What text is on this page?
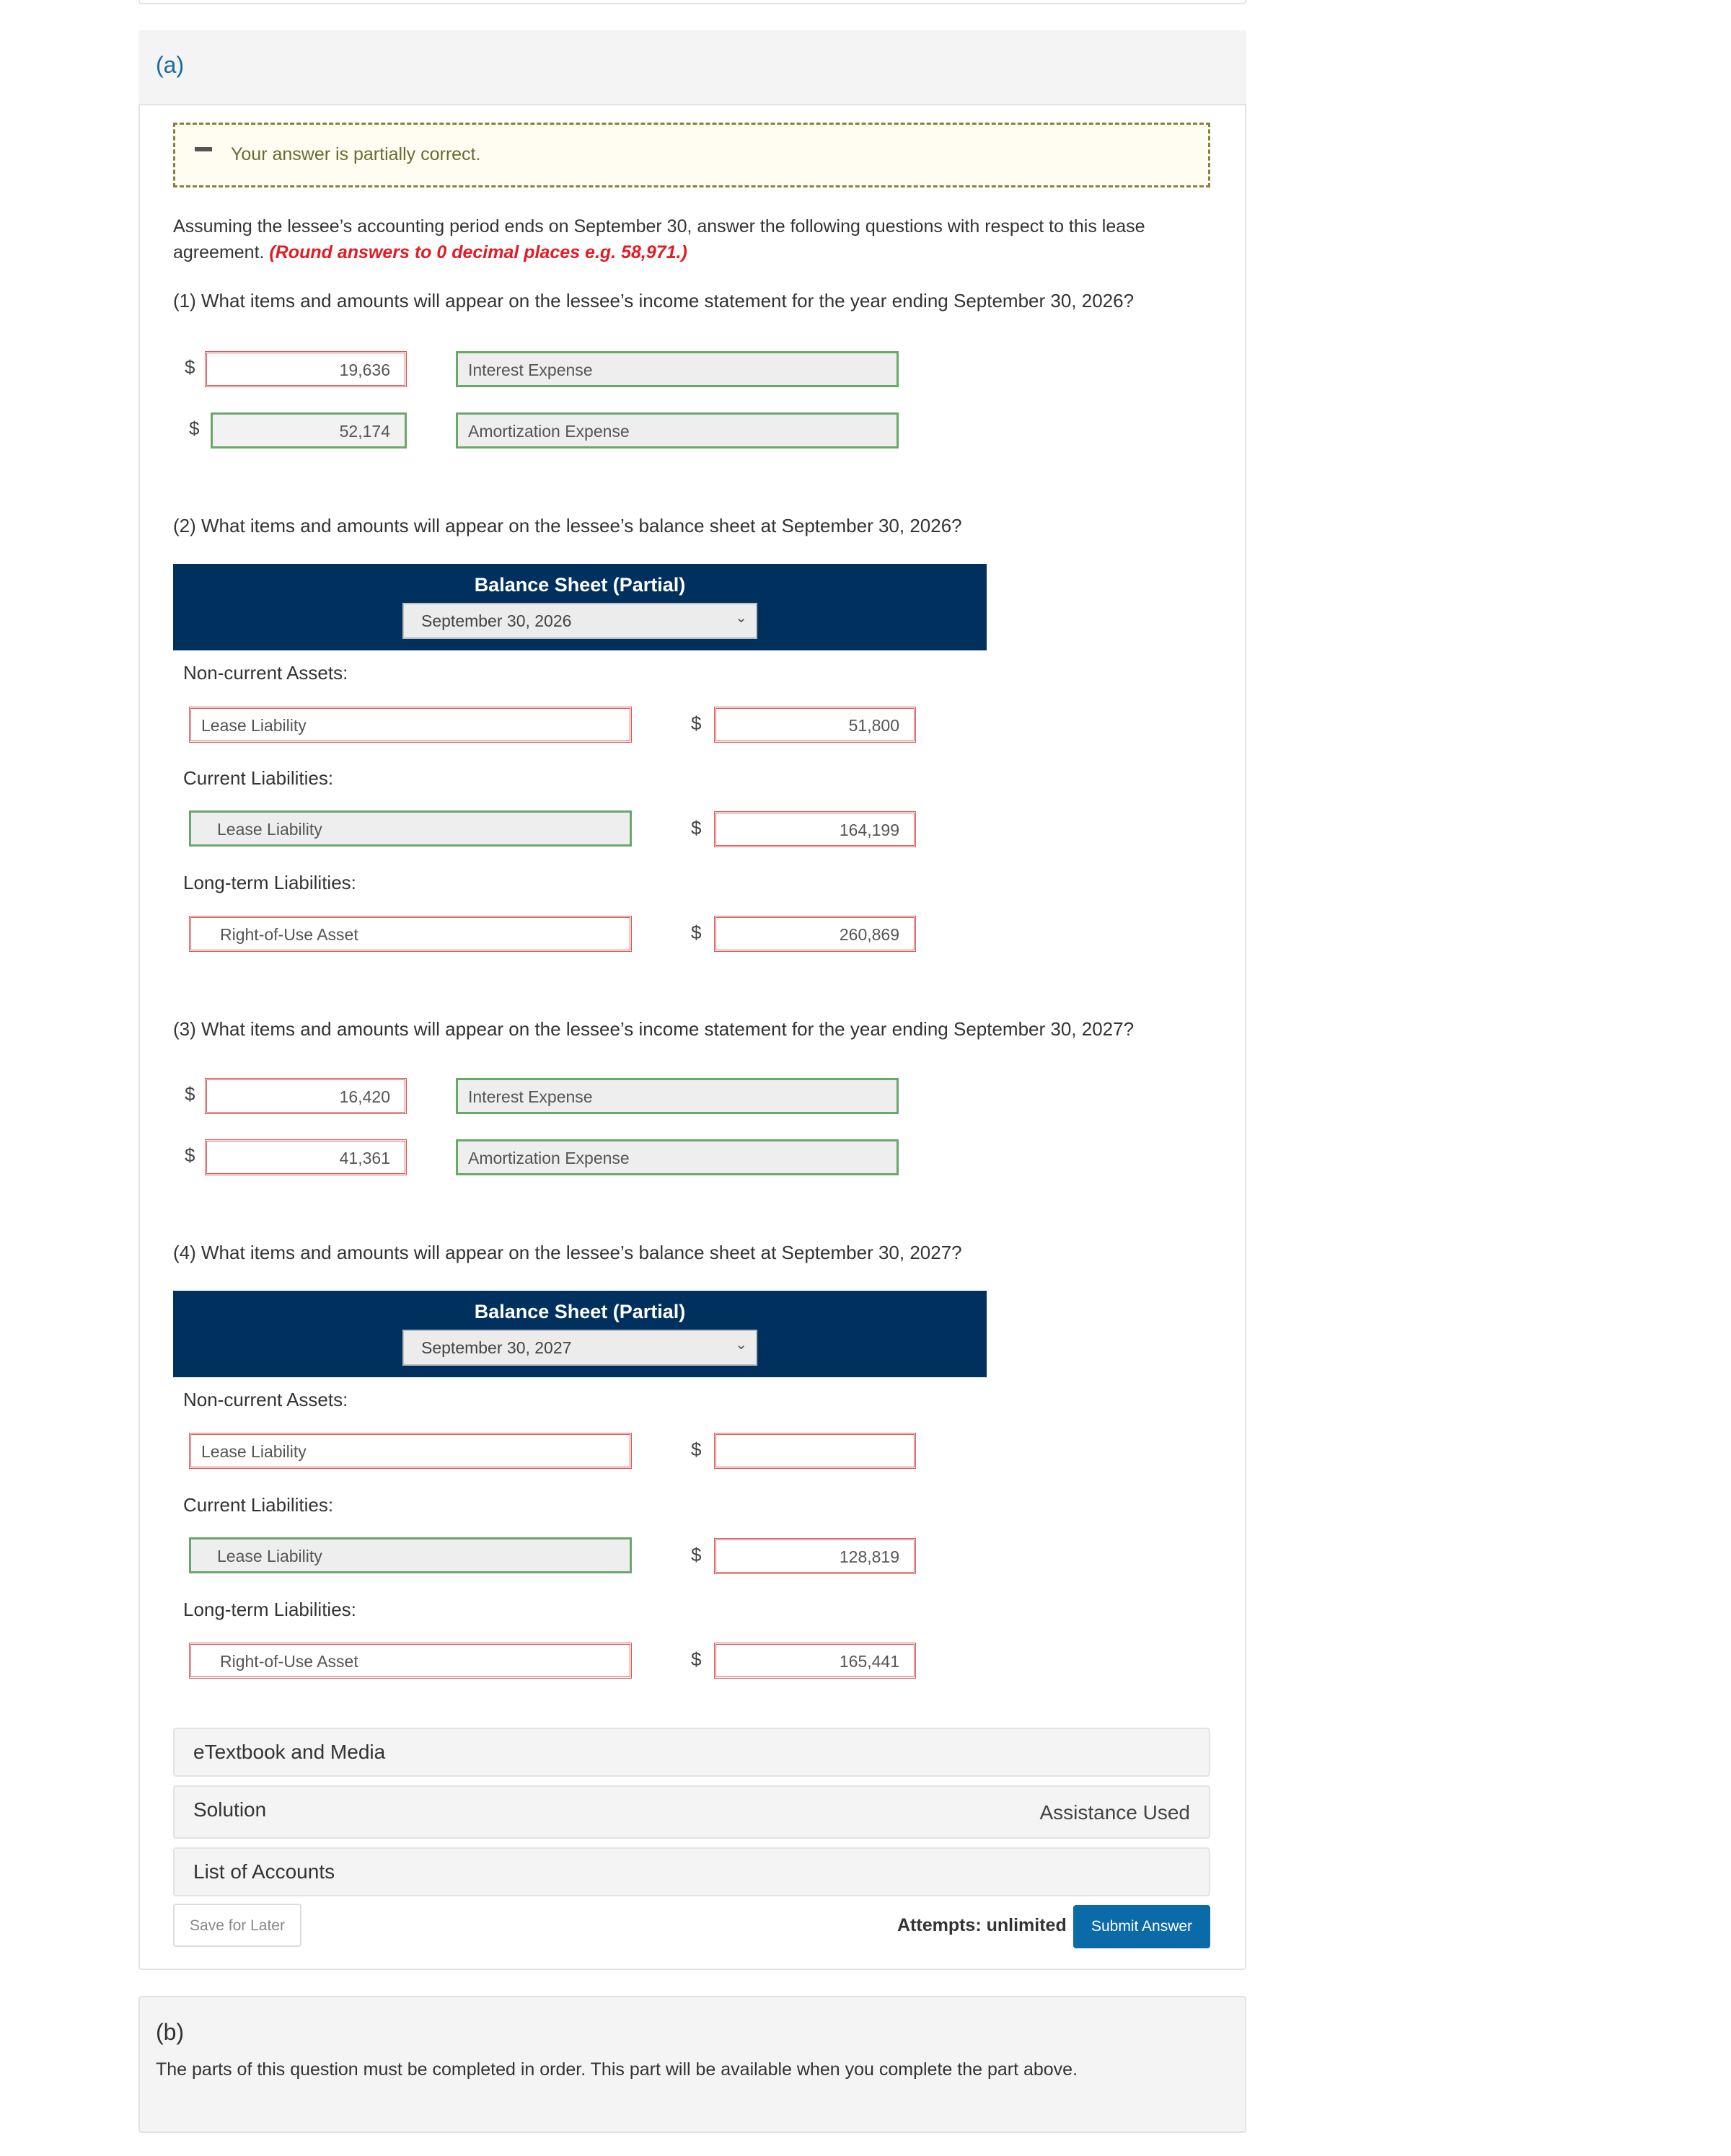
(a)
Your answer is partially correct.
Assuming the lessee’s accounting period ends on September 30, answer the following questions with respect to this lease agreement. (Round answers to 0 decimal places e.g. 58,971.)
(1) What items and amounts will appear on the lessee’s income statement for the year ending September 30, 2026?
$	19,636	Interest Expense
$	52,174	Amortization Expense
(2) What items and amounts will appear on the lessee’s balance sheet at September 30, 2026?
Balance Sheet (Partial)
September 30, 2026	⌄
Non-current Assets:
Lease Liability	$	51,800
Current Liabilities:
Lease Liability	$	164,199
Long-term Liabilities:
Right-of-Use Asset	$	260,869
(3) What items and amounts will appear on the lessee’s income statement for the year ending September 30, 2027?
$	16,420	Interest Expense
$	41,361	Amortization Expense
(4) What items and amounts will appear on the lessee’s balance sheet at September 30, 2027?
Balance Sheet (Partial)
September 30, 2027	⌄
Non-current Assets:
Lease Liability	$
Current Liabilities:
Lease Liability	$	128,819
Long-term Liabilities:
Right-of-Use Asset	$	165,441
eTextbook and Media
Solution	Assistance Used
List of Accounts
Save for Later	Attempts: unlimited	Submit Answer
(b)
The parts of this question must be completed in order. This part will be available when you complete the part above.
